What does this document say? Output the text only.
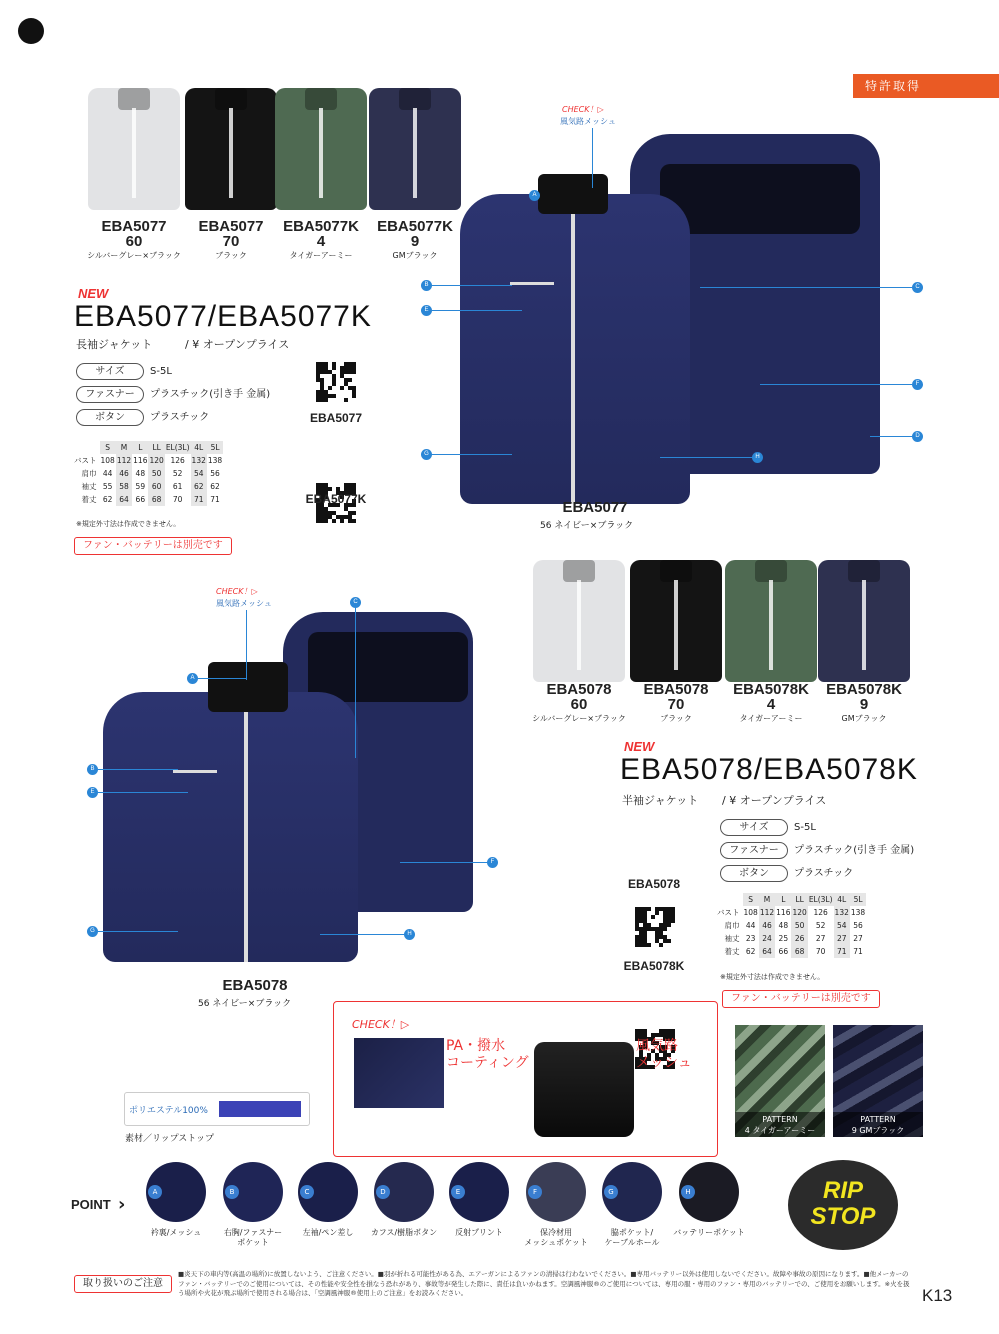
特許取得
EBA5077
60
シルバーグレー×ブラック
EBA5077
70
ブラック
EBA5077K
4
タイガーアーミー
EBA5077K
9
GMブラック
NEW
EBA5077/EBA5077K
長袖ジャケット	/ ¥ オープンプライス
サイズ	S-5L
ファスナー	プラスチック(引き手 金属)
ボタン	プラスチック	EBA5077
EBA5077K
	S	M	L	LL	EL(3L)	4L	5L
バスト	108	112	116	120	126	132	138
肩巾	44	46	48	50	52	54	56
袖丈	55	58	59	60	61	62	62
着丈	62	64	66	68	70	71	71
※規定外寸法は作成できません。
ファン・バッテリーは別売です
CHECK！▷
風気路メッシュ
EBA5077
56 ネイビー×ブラック
A
B
E
C
F
D
G	H
CHECK！▷
風気路メッシュ
EBA5078
56 ネイビー×ブラック
C
A
B
E
F
G	H
EBA5078
60
シルバーグレー×ブラック
EBA5078
70
ブラック
EBA5078K
4
タイガーアーミー
EBA5078K
9
GMブラック
NEW
EBA5078/EBA5078K
半袖ジャケット / ¥ オープンプライス
EBA5078
EBA5078K
サイズ	S-5L
ファスナー	プラスチック(引き手 金属)
ボタン	プラスチック
	S	M	L	LL	EL(3L)	4L	5L
バスト	108	112	116	120	126	132	138
肩巾	44	46	48	50	52	54	56
袖丈	23	24	25	26	27	27	27
着丈	62	64	66	68	70	71	71
※規定外寸法は作成できません。
ファン・バッテリーは別売です
CHECK！▷
PA・撥水
コーティング
風気路
メッシュ
PATTERN
4 タイガーアーミー
PATTERN
9 GMブラック
ポリエステル100%
素材／リップストップ
POINT ›
A
衿裏/メッシュ
B
右胸/ファスナー
ポケット
C
左袖/ペン差し
D
カフス/樹脂ボタン
E
反射プリント
F
保冷材用
メッシュポケット
G
脇ポケット/
ケーブルホール
H
バッテリーポケット
RIP
STOP
取り扱いのご注意
■炎天下の車内等(高温の場所)に放置しないよう、ご注意ください。■羽が折れる可能性がある為、エアーガンによるファンの清掃は行わないでください。■専用バッテリー以外は使用しないでください。故障や事故の原因になります。■他メーカーのファン・バッテリーでのご使用については、その性能や安全性を損なう恐れがあり、事故等が発生した際に、責任は負いかねます。空調風神服®のご使用については、専用の服・専用のファン・専用のバッテリーでの、ご使用をお願いします。※火を扱う場所や火花が飛ぶ場所で使用される場合は、「空調風神服®使用上のご注意」をお読みください。	K13
